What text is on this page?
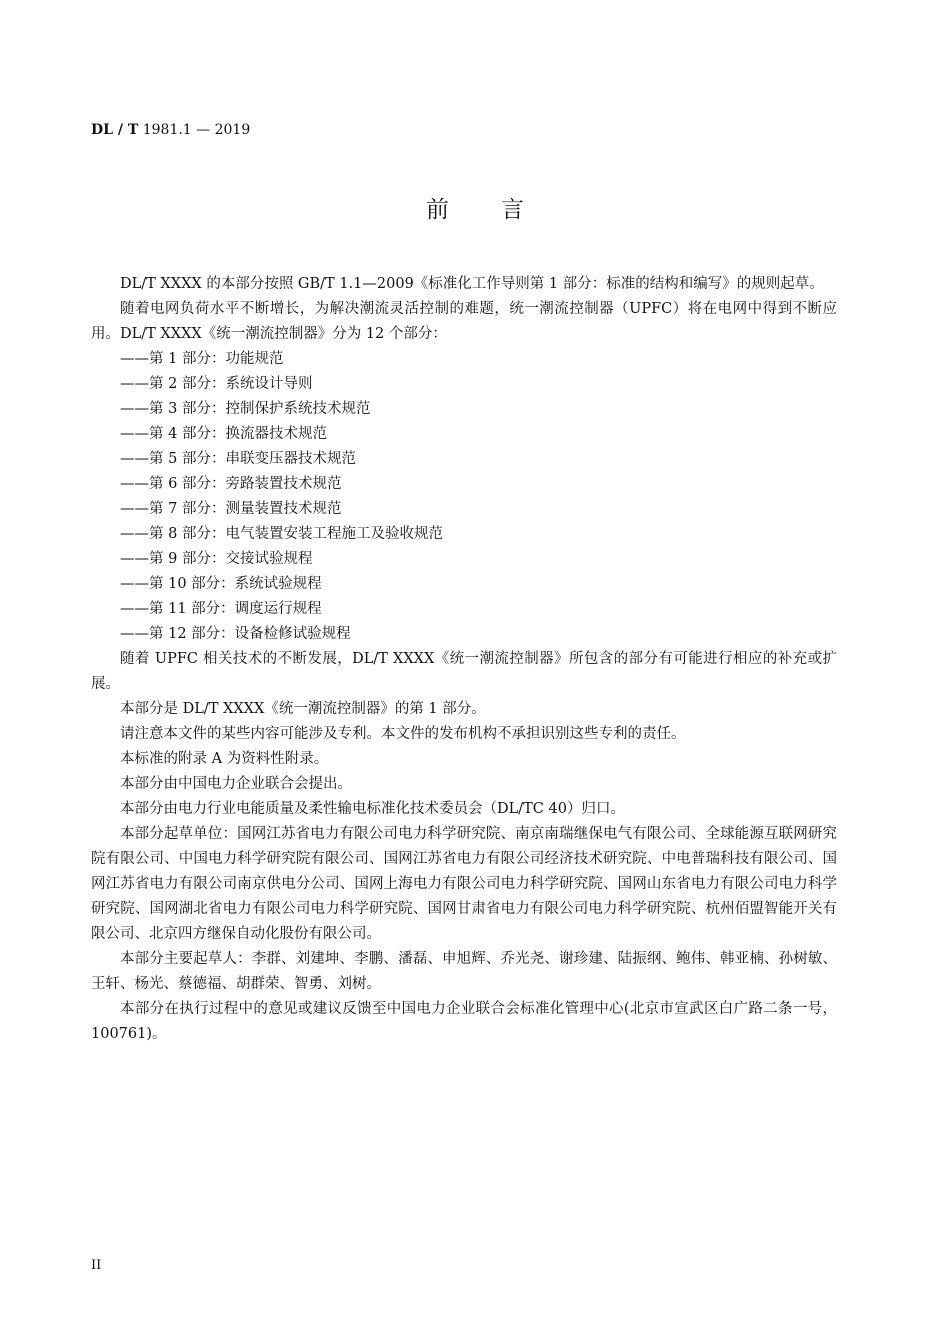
DL / T 1981.1 — 2019
前言

DL/T XXXX 的本部分按照 GB/T 1.1—2009《标准化工作导则第 1 部分：标准的结构和编写》的规则起草。

随着电网负荷水平不断增长，为解决潮流灵活控制的难题，统一潮流控制器（UPFC）将在电网中得到不断应用。DL/T XXXX《统一潮流控制器》分为 12 个部分：

——第 1 部分：功能规范
——第 2 部分：系统设计导则
——第 3 部分：控制保护系统技术规范
——第 4 部分：换流器技术规范
——第 5 部分：串联变压器技术规范
——第 6 部分：旁路装置技术规范
——第 7 部分：测量装置技术规范
——第 8 部分：电气装置安装工程施工及验收规范
——第 9 部分：交接试验规程
——第 10 部分：系统试验规程
——第 11 部分：调度运行规程
——第 12 部分：设备检修试验规程

随着 UPFC 相关技术的不断发展，DL/T XXXX《统一潮流控制器》所包含的部分有可能进行相应的补充或扩展。

本部分是 DL/T XXXX《统一潮流控制器》的第 1 部分。

请注意本文件的某些内容可能涉及专利。本文件的发布机构不承担识别这些专利的责任。

本标准的附录 A 为资料性附录。

本部分由中国电力企业联合会提出。

本部分由电力行业电能质量及柔性输电标准化技术委员会（DL/TC 40）归口。

本部分起草单位：国网江苏省电力有限公司电力科学研究院、南京南瑞继保电气有限公司、全球能源互联网研究院有限公司、中国电力科学研究院有限公司、国网江苏省电力有限公司经济技术研究院、中电普瑞科技有限公司、国网江苏省电力有限公司南京供电分公司、国网上海电力有限公司电力科学研究院、国网山东省电力有限公司电力科学研究院、国网湖北省电力有限公司电力科学研究院、国网甘肃省电力有限公司电力科学研究院、杭州佰盟智能开关有限公司、北京四方继保自动化股份有限公司。

本部分主要起草人：李群、刘建坤、李鹏、潘磊、申旭辉、乔光尧、谢珍建、陆振纲、鲍伟、韩亚楠、孙树敏、王轩、杨光、蔡德福、胡群荣、智勇、刘树。

本部分在执行过程中的意见或建议反馈至中国电力企业联合会标准化管理中心(北京市宣武区白广路二条一号，100761)。

II
